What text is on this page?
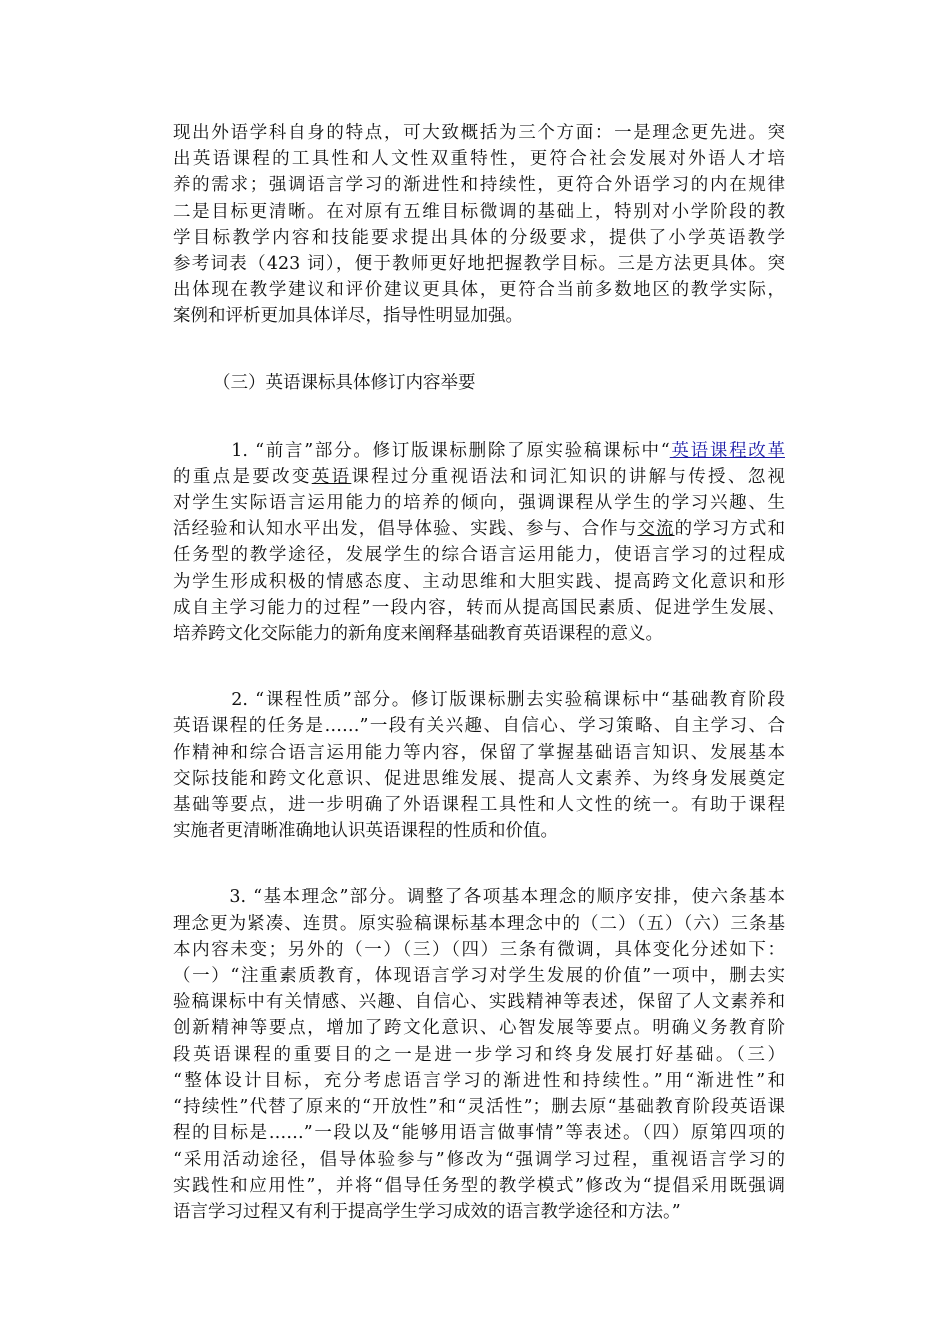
现出外语学科自身的特点，可大致概括为三个方面：一是理念更先进。突
出英语课程的工具性和人文性双重特性，更符合社会发展对外语人才培
养的需求；强调语言学习的渐进性和持续性，更符合外语学习的内在规律
二是目标更清晰。在对原有五维目标微调的基础上，特别对小学阶段的教
学目标教学内容和技能要求提出具体的分级要求，提供了小学英语教学
参考词表（423 词），便于教师更好地把握教学目标。三是方法更具体。突
出体现在教学建议和评价建议更具体，更符合当前多数地区的教学实际，
案例和评析更加具体详尽，指导性明显加强。

（三）英语课标具体修订内容举要

1. “前言”部分。修订版课标删除了原实验稿课标中“英语课程改革
的重点是要改变英语课程过分重视语法和词汇知识的讲解与传授、忽视
对学生实际语言运用能力的培养的倾向，强调课程从学生的学习兴趣、生
活经验和认知水平出发，倡导体验、实践、参与、合作与交流的学习方式和
任务型的教学途径，发展学生的综合语言运用能力，使语言学习的过程成
为学生形成积极的情感态度、主动思维和大胆实践、提高跨文化意识和形
成自主学习能力的过程”一段内容，转而从提高国民素质、促进学生发展、
培养跨文化交际能力的新角度来阐释基础教育英语课程的意义。
2. “课程性质”部分。修订版课标删去实验稿课标中“基础教育阶段
英语课程的任务是……”一段有关兴趣、自信心、学习策略、自主学习、合
作精神和综合语言运用能力等内容，保留了掌握基础语言知识、发展基本
交际技能和跨文化意识、促进思维发展、提高人文素养、为终身发展奠定
基础等要点，进一步明确了外语课程工具性和人文性的统一。有助于课程
实施者更清晰准确地认识英语课程的性质和价值。
3. “基本理念”部分。调整了各项基本理念的顺序安排，使六条基本
理念更为紧凑、连贯。原实验稿课标基本理念中的（二）（五）（六）三条基
本内容未变；另外的（一）（三）（四）三条有微调，具体变化分述如下：
（一）“注重素质教育，体现语言学习对学生发展的价值”一项中，删去实
验稿课标中有关情感、兴趣、自信心、实践精神等表述，保留了人文素养和
创新精神等要点，增加了跨文化意识、心智发展等要点。明确义务教育阶
段英语课程的重要目的之一是进一步学习和终身发展打好基础。（三）
“整体设计目标，充分考虑语言学习的渐进性和持续性。”用“渐进性”和
“持续性”代替了原来的“开放性”和“灵活性”；删去原“基础教育阶段英语课
程的目标是……”一段以及“能够用语言做事情”等表述。（四）原第四项的
“采用活动途径，倡导体验参与”修改为“强调学习过程，重视语言学习的
实践性和应用性”，并将“倡导任务型的教学模式”修改为“提倡采用既强调
语言学习过程又有利于提高学生学习成效的语言教学途径和方法。”
